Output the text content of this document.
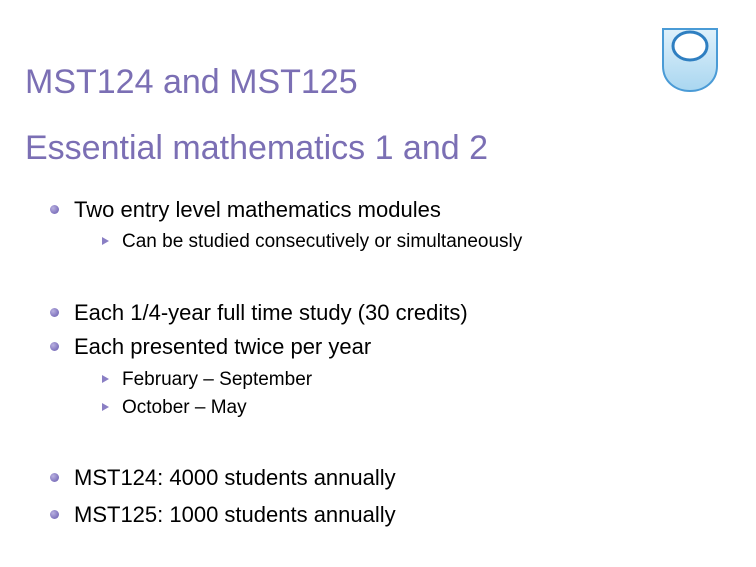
MST124 and MST125
Essential mathematics 1 and 2
Two entry level mathematics modules
Can be studied consecutively or simultaneously
Each 1/4-year full time study (30 credits)
Each presented twice per year
February – September
October – May
MST124: 4000 students annually
MST125: 1000 students annually
